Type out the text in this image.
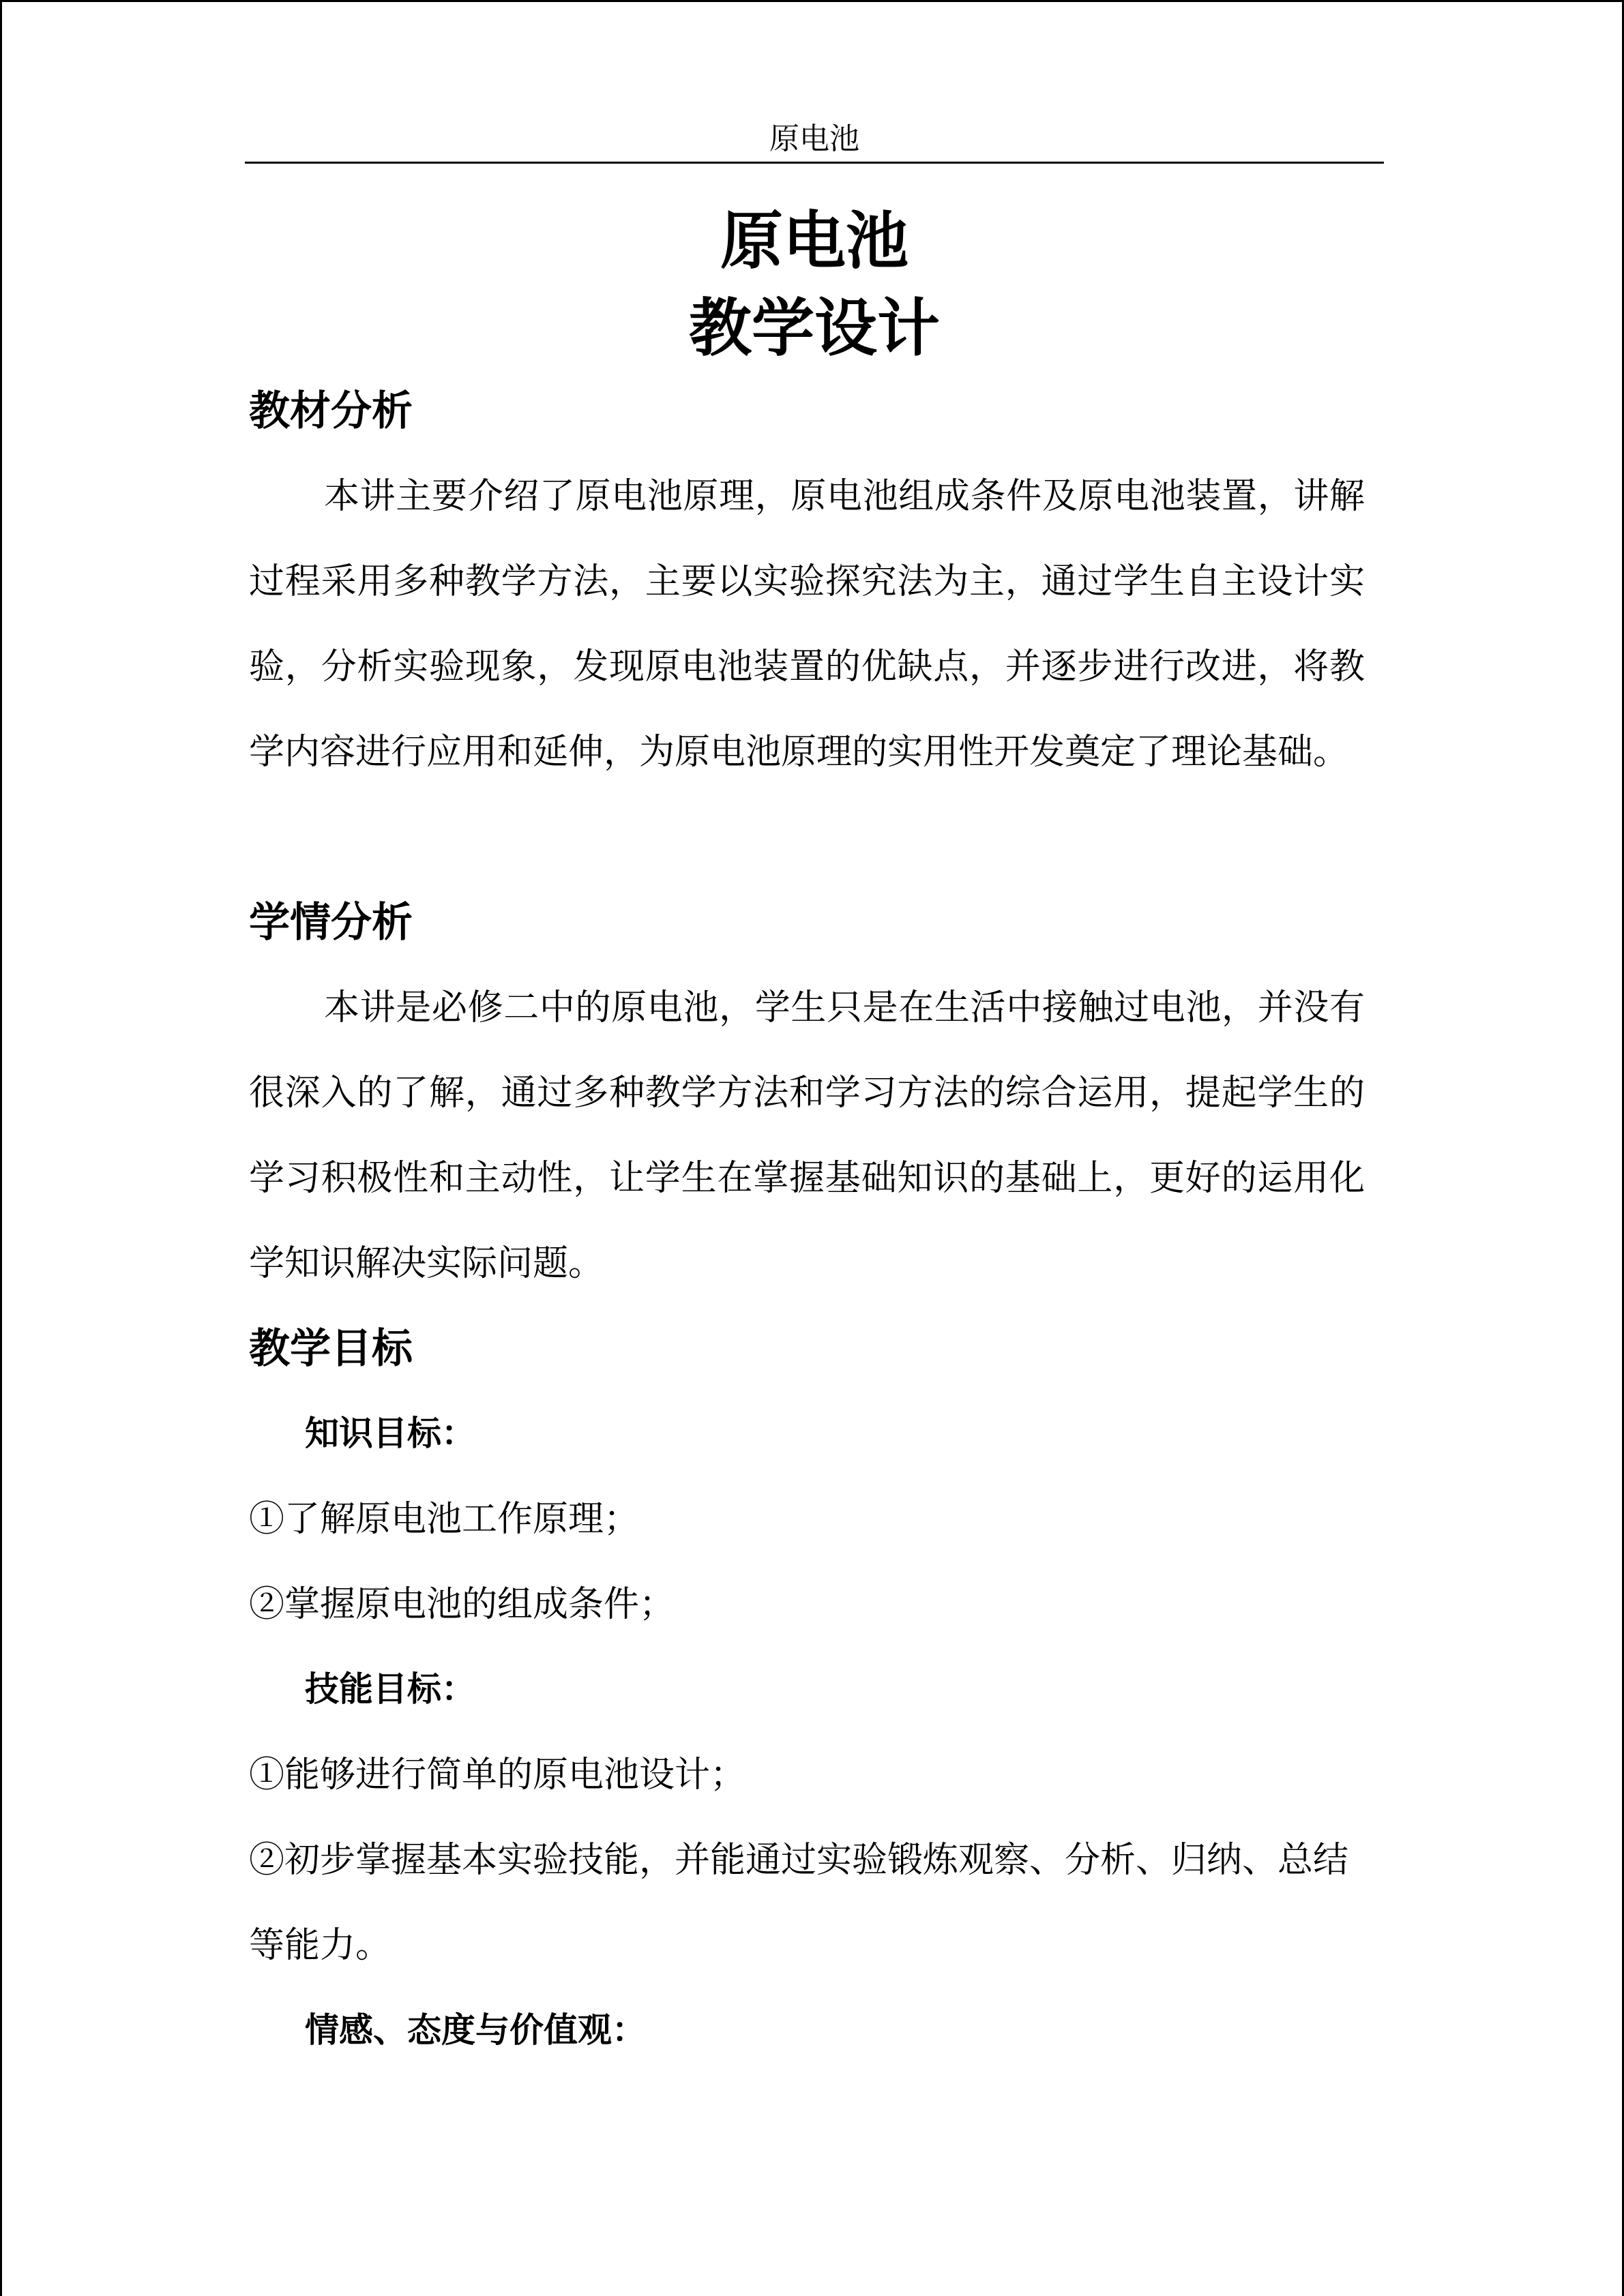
原电池
原电池
教学设计
教材分析

本讲主要介绍了原电池原理，原电池组成条件及原电池装置，讲解过程采用多种教学方法，主要以实验探究法为主，通过学生自主设计实验，分析实验现象，发现原电池装置的优缺点，并逐步进行改进，将教学内容进行应用和延伸，为原电池原理的实用性开发奠定了理论基础。

学情分析

本讲是必修二中的原电池，学生只是在生活中接触过电池，并没有很深入的了解，通过多种教学方法和学习方法的综合运用，提起学生的学习积极性和主动性，让学生在掌握基础知识的基础上，更好的运用化学知识解决实际问题。

教学目标
知识目标：

①了解原电池工作原理；

②掌握原电池的组成条件；

技能目标：

①能够进行简单的原电池设计；

②初步掌握基本实验技能，并能通过实验锻炼观察、分析、归纳、总结等能力。

情感、态度与价值观：
